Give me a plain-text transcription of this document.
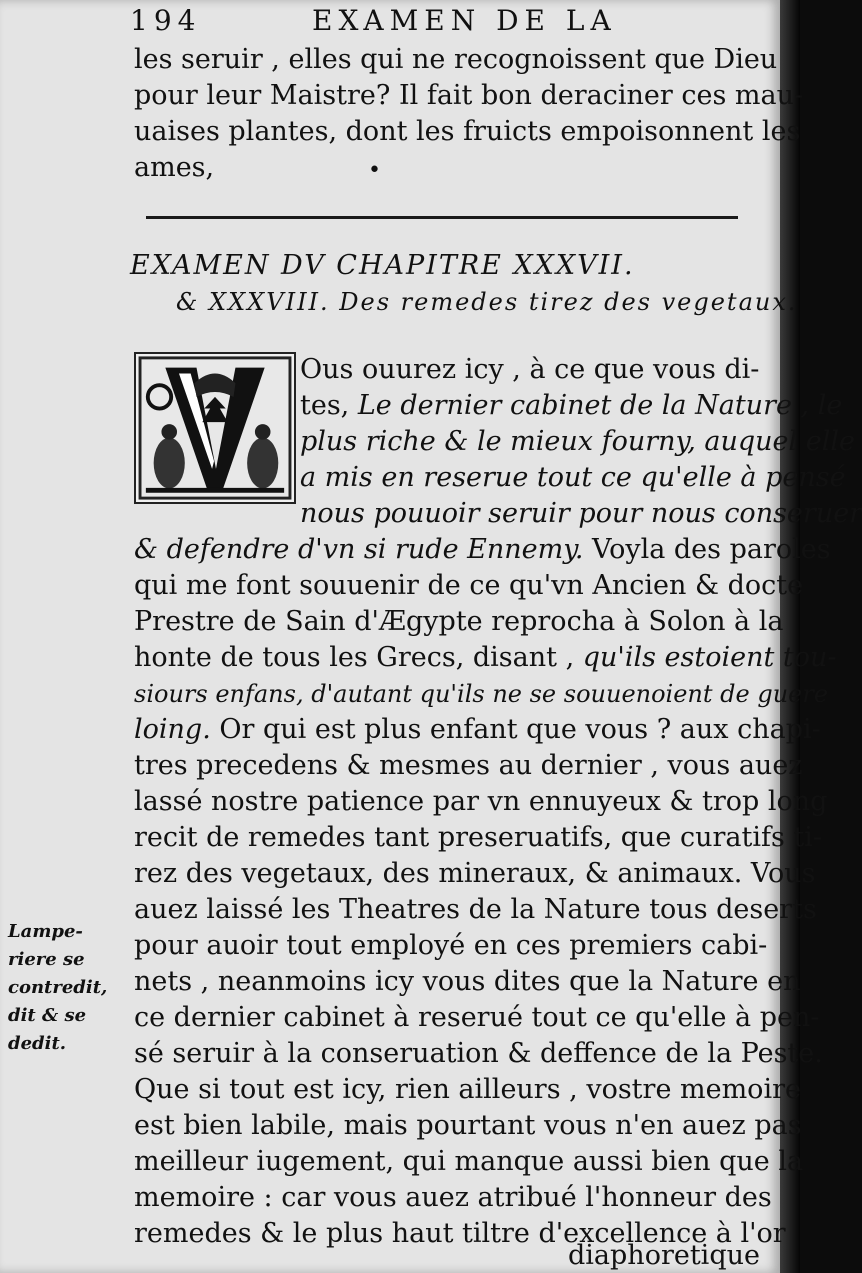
194	EXAMEN DE LA
les seruir , elles qui ne recognoissent que Dieu
pour leur Maistre? Il fait bon deraciner ces mau-
uaises plantes, dont les fruicts empoisonnent les
ames,	•
EXAMEN DV CHAPITRE XXXVII.
& XXXVIII. Des remedes tirez des vegetaux.
Ous ouurez icy , à ce que vous di-
tes, Le dernier cabinet de la Nature , le
plus riche & le mieux fourny, auquel elle
a mis en reserue tout ce qu'elle à pensé
nous pouuoir seruir pour nous conseruer
& defendre d'vn si rude Ennemy. Voyla des paroles
qui me font souuenir de ce qu'vn Ancien & docte
Prestre de Sain d'Ægypte reprocha à Solon à la
honte de tous les Grecs, disant , qu'ils estoient tou-
siours enfans, d'autant qu'ils ne se souuenoient de guere
loing. Or qui est plus enfant que vous ? aux chapi-
tres precedens & mesmes au dernier , vous auez
lassé nostre patience par vn ennuyeux & trop long
recit de remedes tant preseruatifs, que curatifs ti-
rez des vegetaux, des mineraux, & animaux. Vous
auez laissé les Theatres de la Nature tous deserts
pour auoir tout employé en ces premiers cabi-
nets , neanmoins icy vous dites que la Nature en
ce dernier cabinet à reserué tout ce qu'elle à pen-
sé seruir à la conseruation & deffence de la Peste.
Que si tout est icy, rien ailleurs , vostre memoire
est bien labile, mais pourtant vous n'en auez pas
meilleur iugement, qui manque aussi bien que la
memoire : car vous auez atribué l'honneur des
remedes & le plus haut tiltre d'excellence à l'or
diaphoretique
Lampe-
riere se
contredit,
dit & se
dedit.
